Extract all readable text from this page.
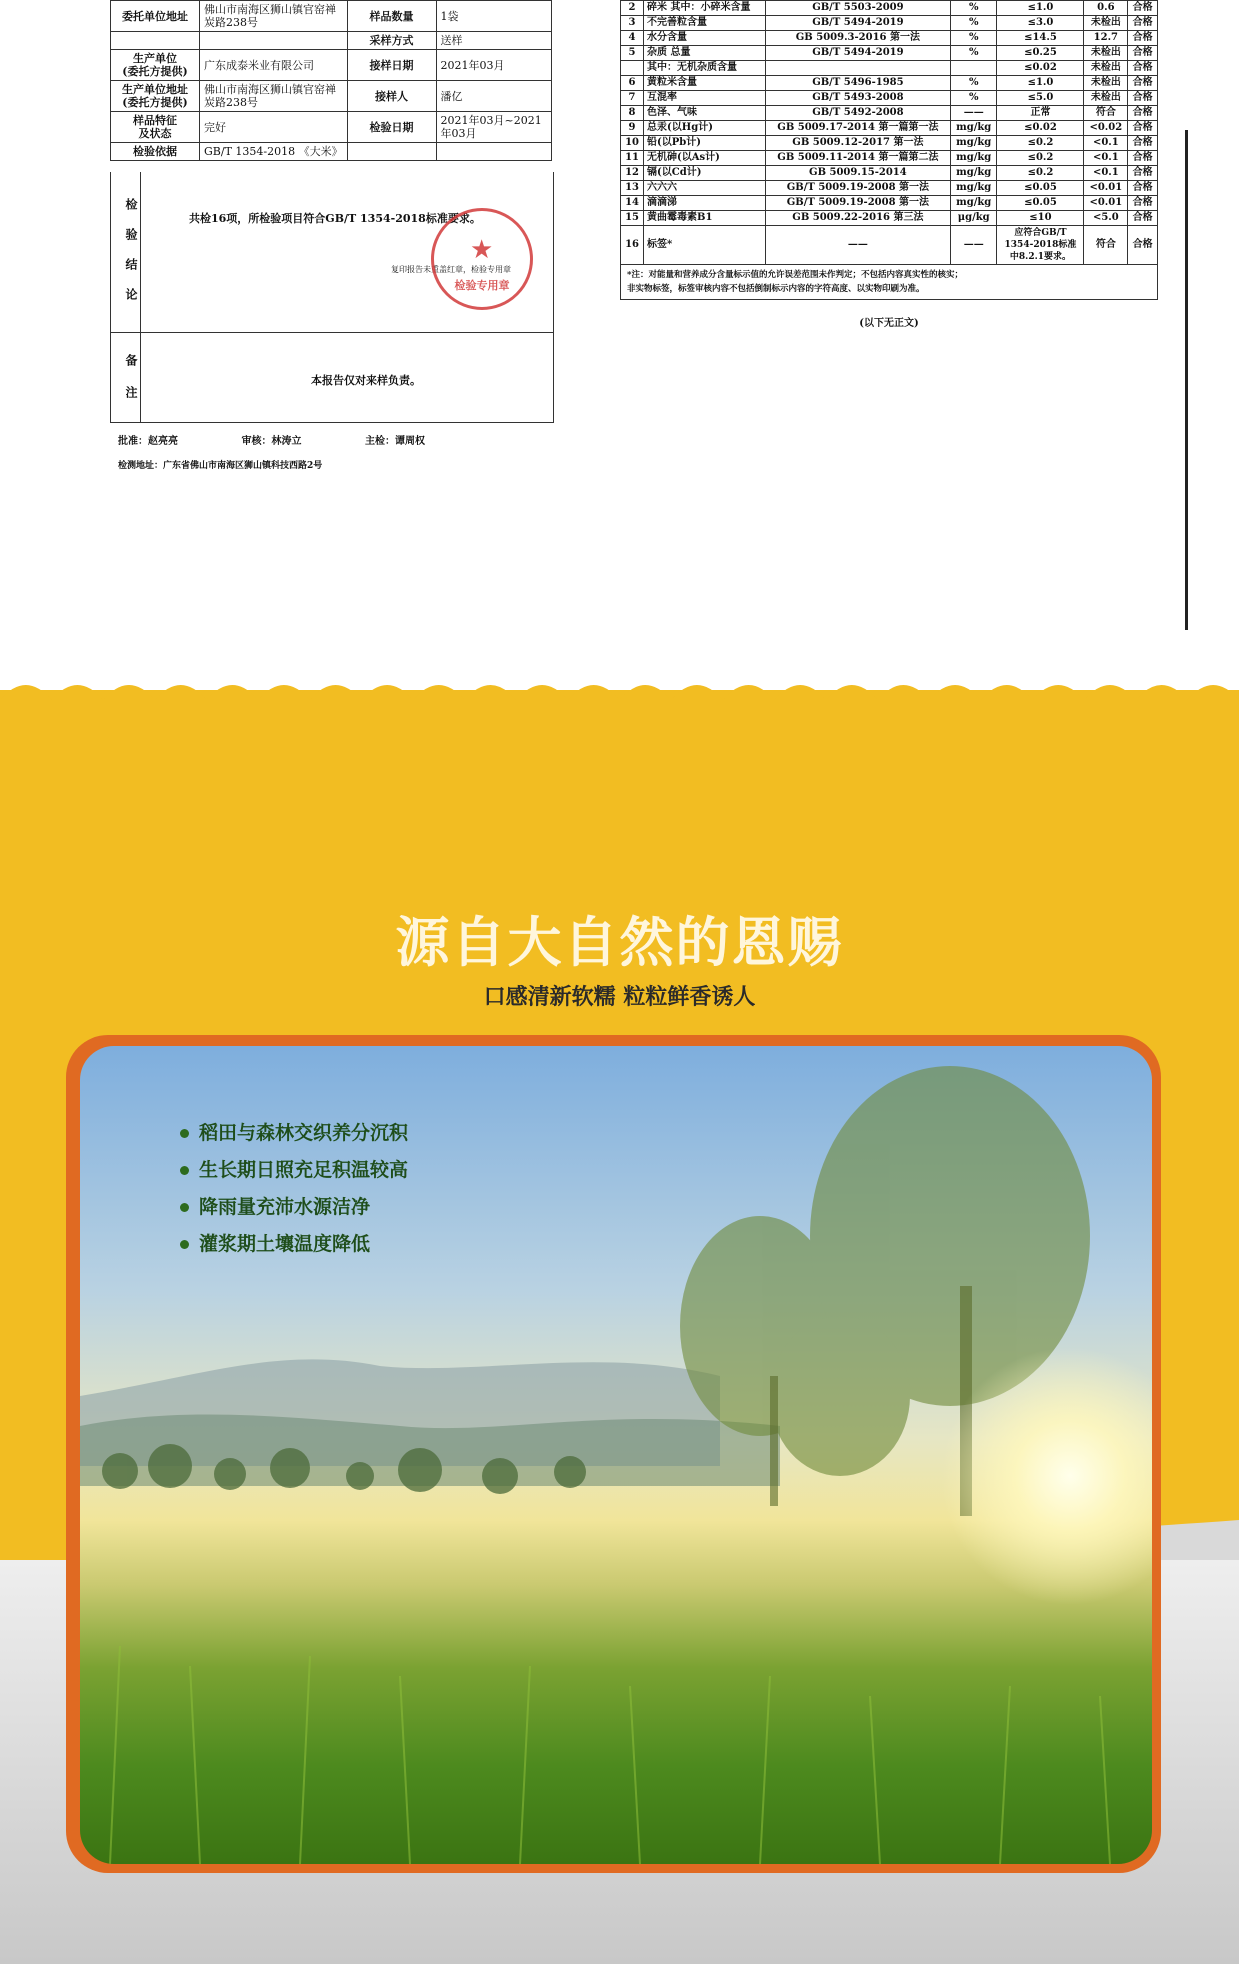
委托单位地址	佛山市南海区狮山镇官窑禅炭路238号	样品数量	1袋
		采样方式	送样
生产单位
(委托方提供)	广东成泰米业有限公司	接样日期	2021年03月
生产单位地址
(委托方提供)	佛山市南海区狮山镇官窑禅炭路238号	接样人	潘亿
样品特征
及状态	完好	检验日期	2021年03月~2021年03月
检验依据	GB/T 1354-2018 《大米》		
检验结论	共检16项，所检验项目符合GB/T 1354-2018标准要求。
复印报告未重盖红章，检验专用章
★
检验专用章
备注	本报告仅对来样负责。
批准：赵亮亮	审核：林涛立	主检：谭周权
检测地址：广东省佛山市南海区狮山镇科技西路2号
2	碎米 其中：小碎米含量	GB/T 5503-2009	%	≤1.0	0.6	合格
3	不完善粒含量	GB/T 5494-2019	%	≤3.0	未检出	合格
4	水分含量	GB 5009.3-2016 第一法	%	≤14.5	12.7	合格
5	杂质 总量	GB/T 5494-2019	%	≤0.25	未检出	合格
	其中：无机杂质含量			≤0.02	未检出	合格
6	黄粒米含量	GB/T 5496-1985	%	≤1.0	未检出	合格
7	互混率	GB/T 5493-2008	%	≤5.0	未检出	合格
8	色泽、气味	GB/T 5492-2008	——	正常	符合	合格
9	总汞(以Hg计)	GB 5009.17-2014 第一篇第一法	mg/kg	≤0.02	<0.02	合格
10	铅(以Pb计)	GB 5009.12-2017 第一法	mg/kg	≤0.2	<0.1	合格
11	无机砷(以As计)	GB 5009.11-2014 第一篇第二法	mg/kg	≤0.2	<0.1	合格
12	镉(以Cd计)	GB 5009.15-2014	mg/kg	≤0.2	<0.1	合格
13	六六六	GB/T 5009.19-2008 第一法	mg/kg	≤0.05	<0.01	合格
14	滴滴涕	GB/T 5009.19-2008 第一法	mg/kg	≤0.05	<0.01	合格
15	黄曲霉毒素B1	GB 5009.22-2016 第三法	μg/kg	≤10	<5.0	合格
16	标签*	——	——	应符合GB/T 1354-2018标准中8.2.1要求。	符合	合格
*注：对能量和营养成分含量标示值的允许误差范围未作判定；不包括内容真实性的核实；
非实物标签，标签审核内容不包括倒制标示内容的字符高度、以实物印刷为准。
(以下无正文)
源自大自然的恩赐
口感清新软糯 粒粒鲜香诱人
稻田与森林交织养分沉积
生长期日照充足积温较高
降雨量充沛水源洁净
灌浆期土壤温度降低
